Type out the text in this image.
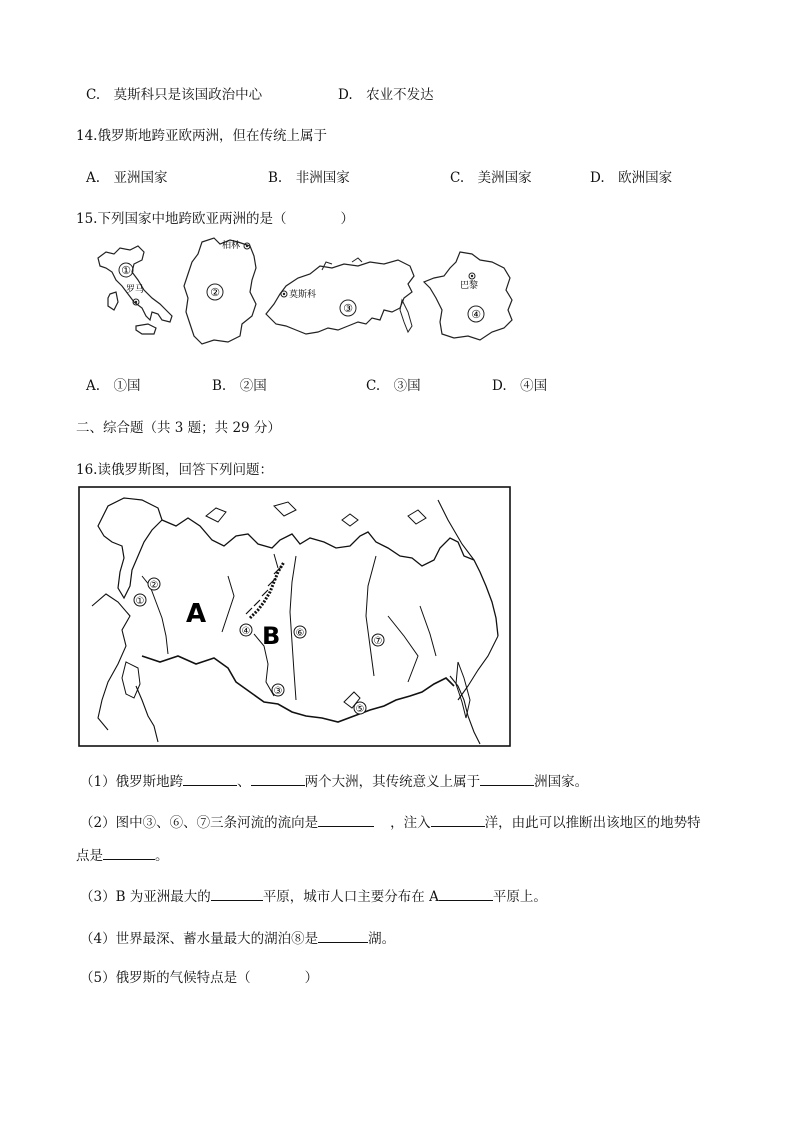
C.　莫斯科只是该国政治中心	D.　农业不发达
14.俄罗斯地跨亚欧两洲，但在传统上属于
A.　亚洲国家	B.　非洲国家	C.　美洲国家	D.　欧洲国家
15.下列国家中地跨欧亚两洲的是（　　　　）
①
罗马
柏林
②	莫斯科
③
巴黎
④
A.　①国	B.　②国	C.　③国	D.　④国
二、综合题（共 3 题；共 29 分）
16.读俄罗斯图，回答下列问题：
A
B
①
②
③
④
⑤
⑥
⑦
（1）俄罗斯地跨	、	两个大洲，其传统意义上属于	洲国家。
（2）图中③、⑥、⑦三条河流的流向是	，注入	洋，由此可以推断出该地区的地势特
点是	。
（3）B 为亚洲最大的	平原，城市人口主要分布在 A	平原上。
（4）世界最深、蓄水量最大的湖泊⑧是	湖。
（5）俄罗斯的气候特点是（　　　　）
